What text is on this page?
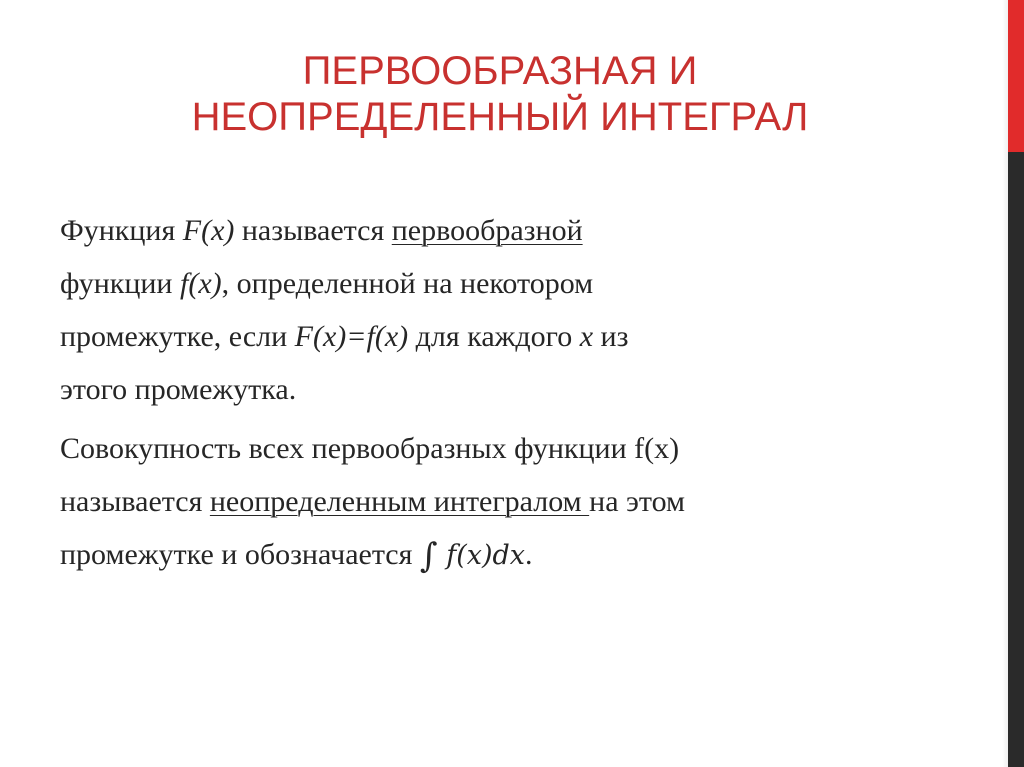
ПЕРВООБРАЗНАЯ И
НЕОПРЕДЕЛЕННЫЙ ИНТЕГРАЛ

Функция F(x) называется первообразной
функции f(x), определенной на некотором
промежутке, если F(x)=f(x) для каждого x из
этого промежутка.

Совокупность всех первообразных функции f(x)
называется неопределенным интегралом на этом
промежутке и обозначается ∫ f(x)dx.
